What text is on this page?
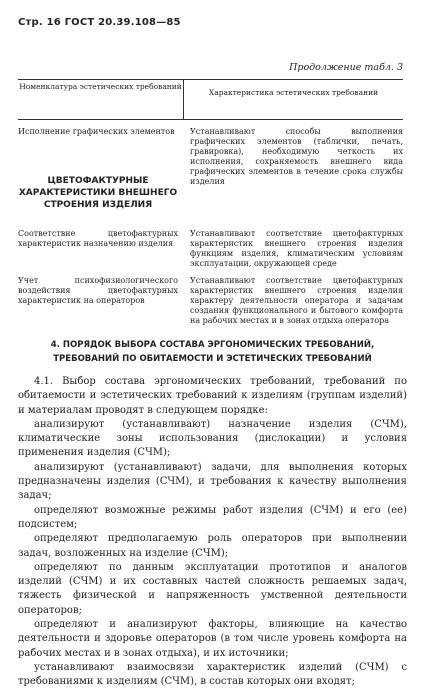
Стр. 16 ГОСТ 20.39.108—85
Продолжение табл. 3
Номенклатура эстетических требований
Характеристика эстетических требований
Исполнение графических элементов	Устанавливают способы выполнения графических элементов (таблички, печать, гравировка), необходимую четкость их исполнения, сохраняемость внешнего вида графических элементов в течение срока службы изделия
ЦВЕТОФАКТУРНЫЕ ХАРАКТЕРИСТИКИ ВНЕШНЕГО СТРОЕНИЯ ИЗДЕЛИЯ
Соответствие цветофактурных характеристик назначению изделия
Устанавливают соответствие цветофактурных характеристик внешнего строения изделия функциям изделия, климатическим условиям эксплуатации, окружающей среде
Учет психофизиологического воздействия цветофактурных характеристик на операторов
Устанавливают соответствие цветофактурных характеристик внешнего строения изделия характеру деятельности оператора и задачам создания функционального и бытового комфорта на рабочих местах и в зонах отдыха оператора
4. ПОРЯДОК ВЫБОРА СОСТАВА ЭРГОНОМИЧЕСКИХ ТРЕБОВАНИЙ, ТРЕБОВАНИЙ ПО ОБИТАЕМОСТИ И ЭСТЕТИЧЕСКИХ ТРЕБОВАНИЙ

4.1. Выбор состава эргономических требований, требований по обитаемости и эстетических требований к изделиям (группам изделий) и материалам проводят в следующем порядке:

анализируют (устанавливают) назначение изделия (СЧМ), климатические зоны использования (дислокации) и условия применения изделия (СЧМ);

анализируют (устанавливают) задачи, для выполнения которых предназначены изделия (СЧМ), и требования к качеству выполнения задач;

определяют возможные режимы работ изделия (СЧМ) и его (ее) подсистем;

определяют предполагаемую роль операторов при выполнении задач, возложенных на изделие (СЧМ);

определяют по данным эксплуатации прототипов и аналогов изделий (СЧМ) и их составных частей сложность решаемых задач, тяжесть физической и напряженность умственной деятельности операторов;

определяют и анализируют факторы, влияющие на качество деятельности и здоровье операторов (в том числе уровень комфорта на рабочих местах и в зонах отдыха), и их источники;

устанавливают взаимосвязи характеристик изделий (СЧМ) с требованиями к изделиям (СЧМ), в состав которых они входят;
